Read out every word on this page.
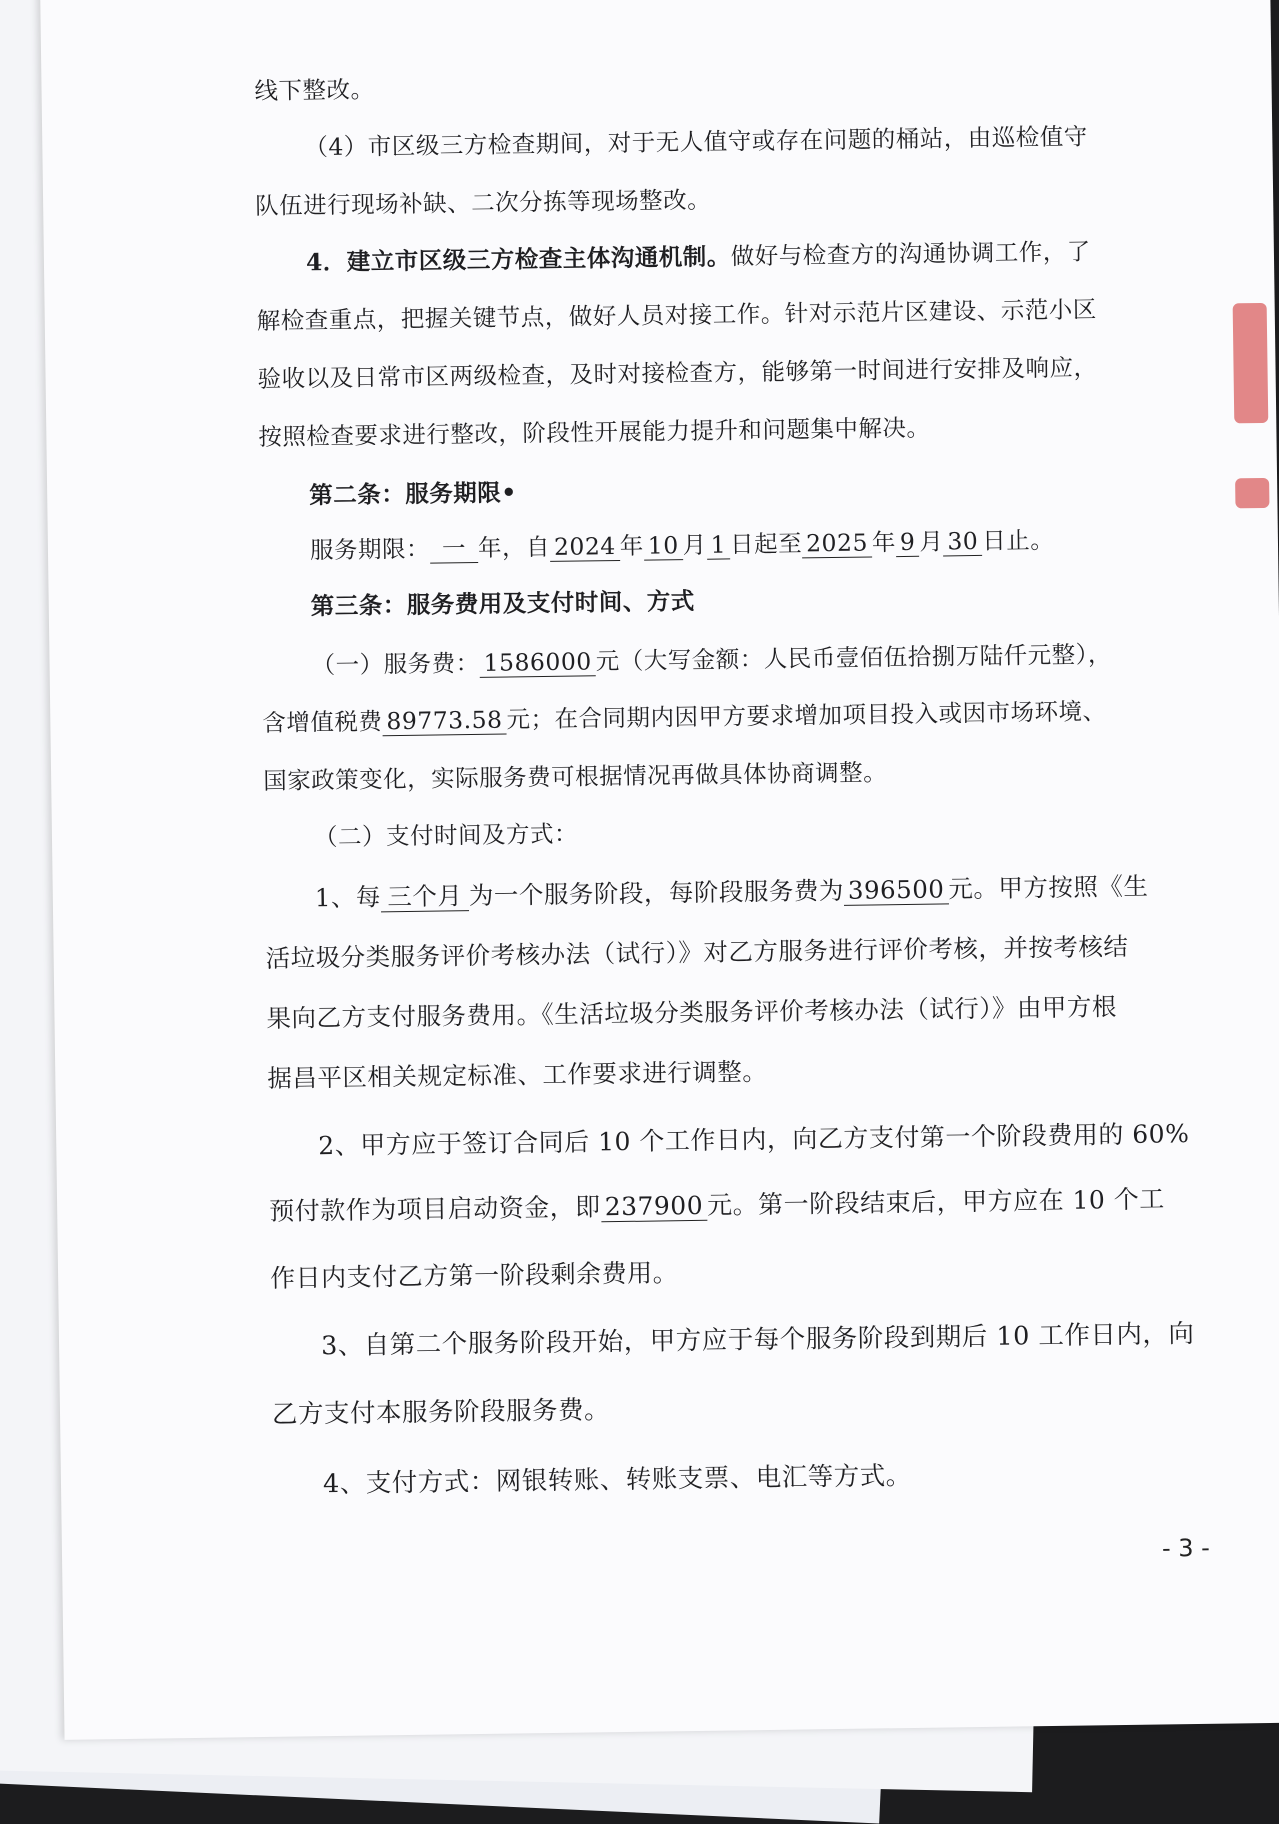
线下整改。
（4）市区级三方检查期间，对于无人值守或存在问题的桶站，由巡检值守
队伍进行现场补缺、二次分拣等现场整改。
4．建立市区级三方检查主体沟通机制。做好与检查方的沟通协调工作，了
解检查重点，把握关键节点，做好人员对接工作。针对示范片区建设、示范小区
验收以及日常市区两级检查，及时对接检查方，能够第一时间进行安排及响应，
按照检查要求进行整改，阶段性开展能力提升和问题集中解决。
第二条：服务期限•
服务期限： 一 年，自 2024 年 10 月 1 日起至 2025 年 9 月 30 日止。
第三条：服务费用及支付时间、方式
（一）服务费： 1586000 元（大写金额：人民币壹佰伍拾捌万陆仟元整），
含增值税费 89773.58 元；在合同期内因甲方要求增加项目投入或因市场环境、
国家政策变化，实际服务费可根据情况再做具体协商调整。
（二）支付时间及方式：
1、每 三个月 为一个服务阶段，每阶段服务费为 396500 元。甲方按照《生
活垃圾分类服务评价考核办法（试行）》对乙方服务进行评价考核，并按考核结
果向乙方支付服务费用。《生活垃圾分类服务评价考核办法（试行）》由甲方根
据昌平区相关规定标准、工作要求进行调整。
2、甲方应于签订合同后 10 个工作日内，向乙方支付第一个阶段费用的 60%
预付款作为项目启动资金，即 237900 元。第一阶段结束后，甲方应在 10 个工
作日内支付乙方第一阶段剩余费用。
3、自第二个服务阶段开始，甲方应于每个服务阶段到期后 10 工作日内，向
乙方支付本服务阶段服务费。
4、支付方式：网银转账、转账支票、电汇等方式。
- 3 -
